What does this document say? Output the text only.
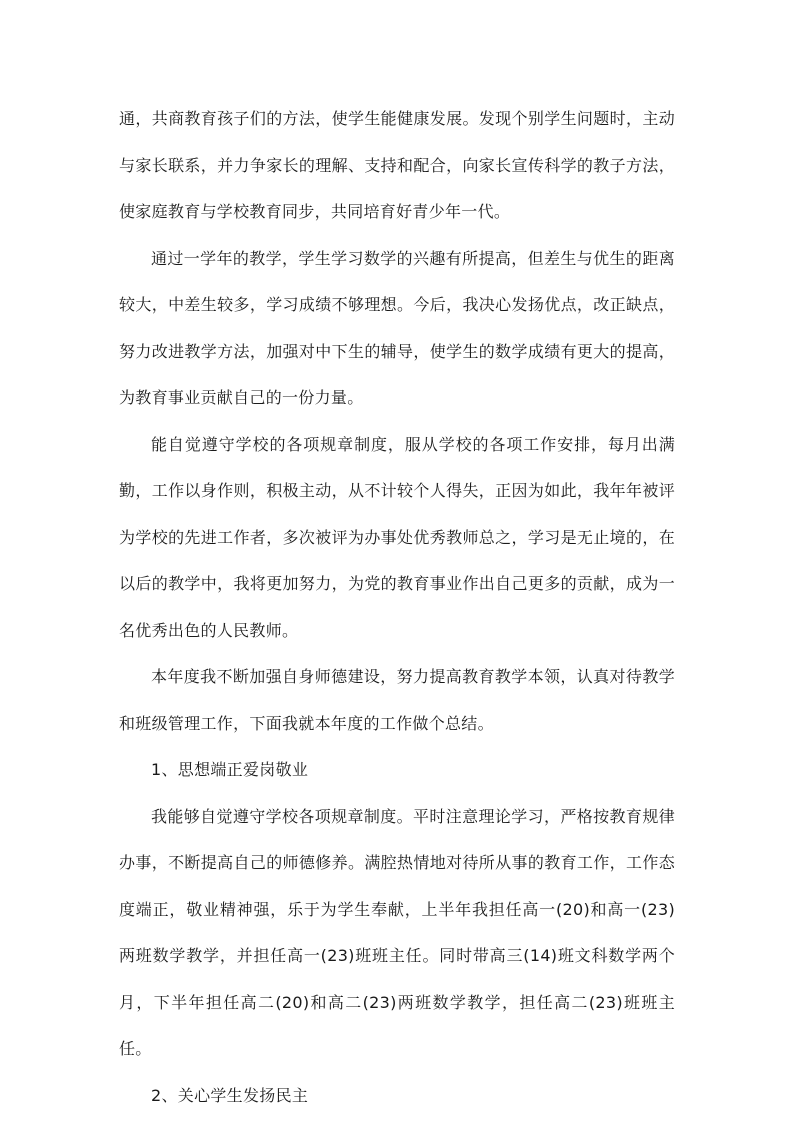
通，共商教育孩子们的方法，使学生能健康发展。发现个别学生问题时，主动与家长联系，并力争家长的理解、支持和配合，向家长宣传科学的教子方法，使家庭教育与学校教育同步，共同培育好青少年一代。

通过一学年的教学，学生学习数学的兴趣有所提高，但差生与优生的距离较大，中差生较多，学习成绩不够理想。今后，我决心发扬优点，改正缺点，努力改进教学方法，加强对中下生的辅导，使学生的数学成绩有更大的提高，为教育事业贡献自己的一份力量。

能自觉遵守学校的各项规章制度，服从学校的各项工作安排，每月出满勤，工作以身作则，积极主动，从不计较个人得失，正因为如此，我年年被评为学校的先进工作者，多次被评为办事处优秀教师总之，学习是无止境的，在以后的教学中，我将更加努力，为党的教育事业作出自己更多的贡献，成为一名优秀出色的人民教师。

本年度我不断加强自身师德建设，努力提高教育教学本领，认真对待教学和班级管理工作，下面我就本年度的工作做个总结。

1、思想端正爱岗敬业

我能够自觉遵守学校各项规章制度。平时注意理论学习，严格按教育规律办事，不断提高自己的师德修养。满腔热情地对待所从事的教育工作，工作态度端正，敬业精神强，乐于为学生奉献，上半年我担任高一(20)和高一(23)两班数学教学，并担任高一(23)班班主任。同时带高三(14)班文科数学两个月，下半年担任高二(20)和高二(23)两班数学教学，担任高二(23)班班主任。

2、关心学生发扬民主
